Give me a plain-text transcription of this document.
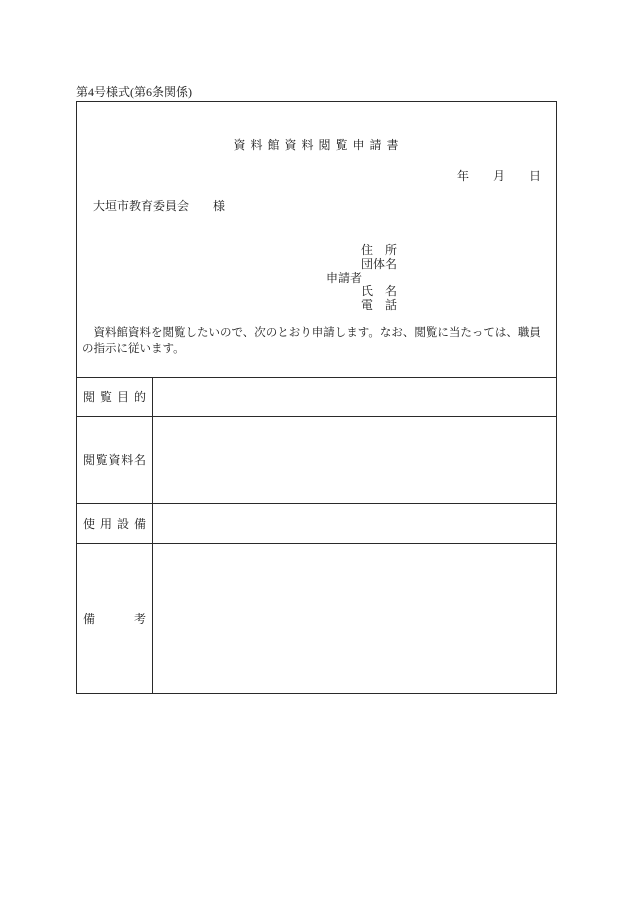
第4号様式(第6条関係)
資 料 館 資 料 閲 覧 申 請 書
年　　月　　日
大垣市教育委員会　　様
住　所
団体名
申請者
氏　名
電　話
　資料館資料を閲覧したいので、次のとおり申請します。なお、閲覧に当たっては、職員
の指示に従います。
閲 覧 目 的
閲覧資料名
使 用 設 備
備　　　考
